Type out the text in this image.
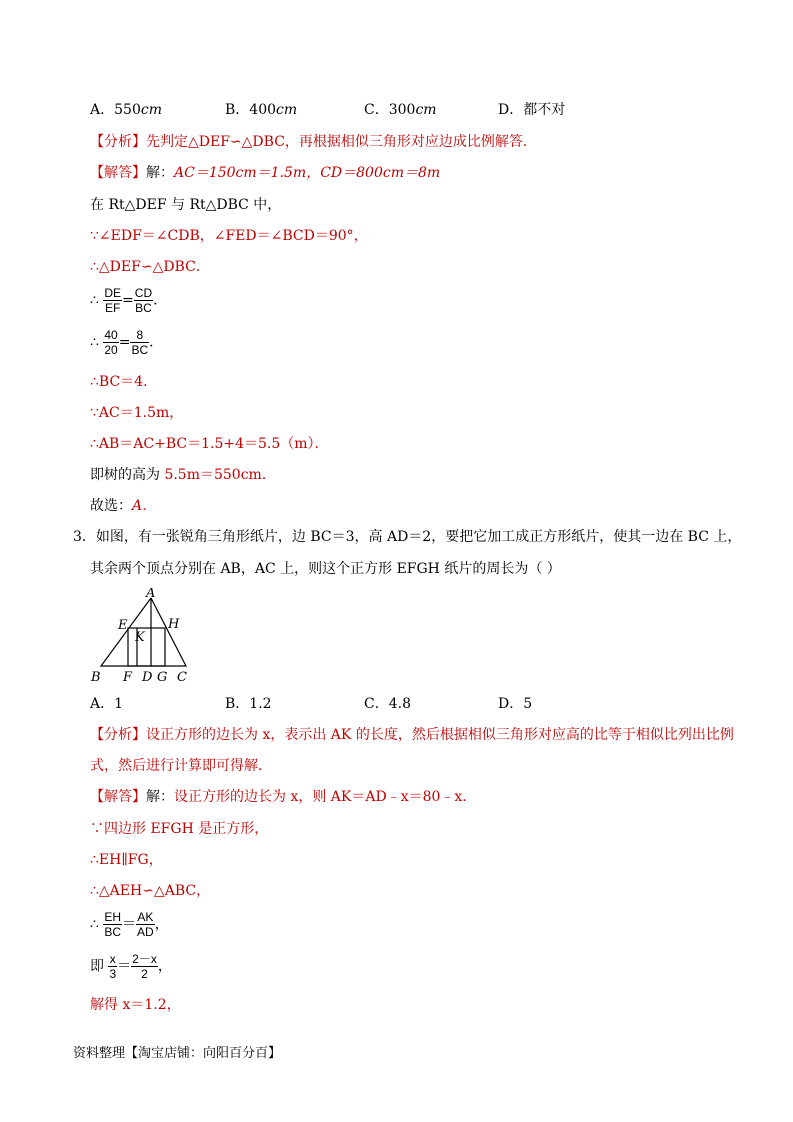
A．550cm	B．400cm	C．300cm	D．都不对
【分析】先判定△DEF∽△DBC，再根据相似三角形对应边成比例解答．
【解答】解：AC＝150cm＝1.5m，CD＝800cm＝8m
在 Rt△DEF 与 Rt△DBC 中，
∵∠EDF＝∠CDB，∠FED＝∠BCD＝90°，
∴△DEF∽△DBC．
∴ $\frac{DE}{EF} = \frac{CD}{BC}$ ．
∴ $\frac{40}{20} = \frac{8}{BC}$ ．
∴BC＝4．
∵AC＝1.5m，
∴AB＝AC+BC＝1.5+4＝5.5（m）．
即树的高为 5.5m＝550cm．
故选：A．
3．如图，有一张锐角三角形纸片，边 BC＝3，高 AD＝2，要把它加工成正方形纸片，使其一边在 BC 上，
其余两个顶点分别在 AB，AC 上，则这个正方形 EFGH 纸片的周长为（ ）
A
E	H
K
B F D G C
A．1	B．1.2	C．4.8	D．5
【分析】设正方形的边长为 x，表示出 AK 的长度，然后根据相似三角形对应高的比等于相似比列出比例
式，然后进行计算即可得解．
【解答】解：设正方形的边长为 x，则 AK＝AD﹣x＝80﹣x．
∵四边形 EFGH 是正方形，
∴EH∥FG，
∴△AEH∽△ABC，
∴ $\frac{EH}{BC} = \frac{AK}{AD}$ ，
即 $\frac{x}{3} = \frac{2-x}{2}$ ，
解得 x＝1.2，
资料整理【淘宝店铺：向阳百分百】
